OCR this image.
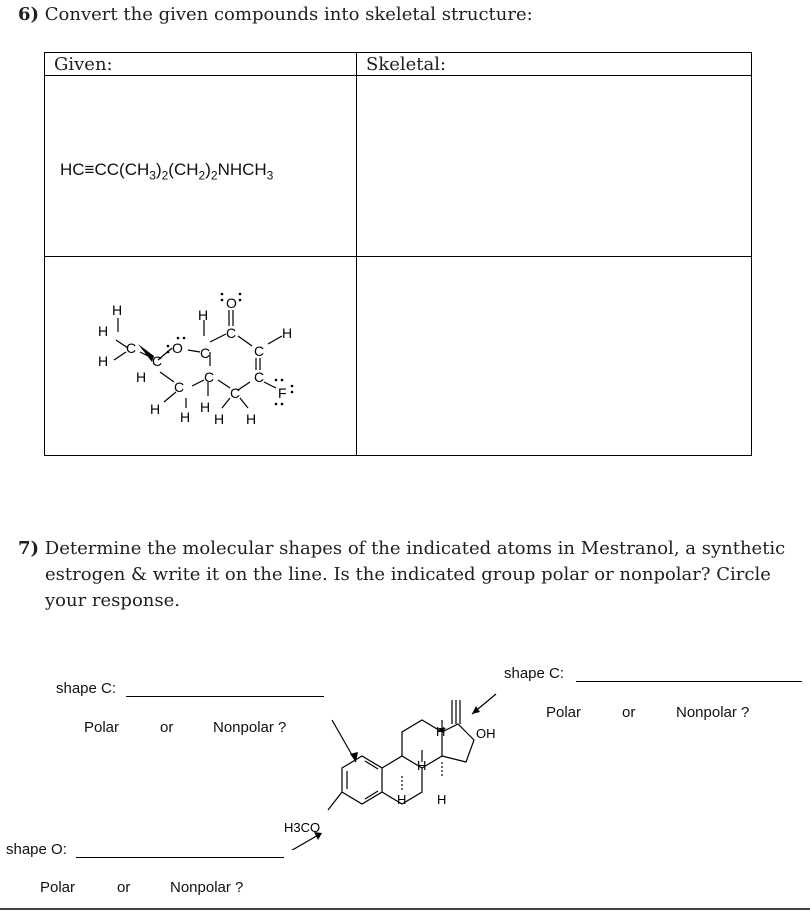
6) Convert the given compounds into skeletal structure:
Given:	Skeletal:
$HC\equiv CC(CH_3)_2(CH_2)_2NHCH_3$
H
H
C
H	C
H
O
H
C
O
C
C
H
C
C
C
C
F
H H
H
H H
7) Determine the molecular shapes of the indicated atoms in Mestranol, a synthetic
estrogen & write it on the line. Is the indicated group polar or nonpolar? Circle
your response.
shape C:
Polar	or	Nonpolar ?
shape C:
Polar	or	Nonpolar ?
shape O:
Polar	or	Nonpolar ?
H3CO
OH
H
H
H H
